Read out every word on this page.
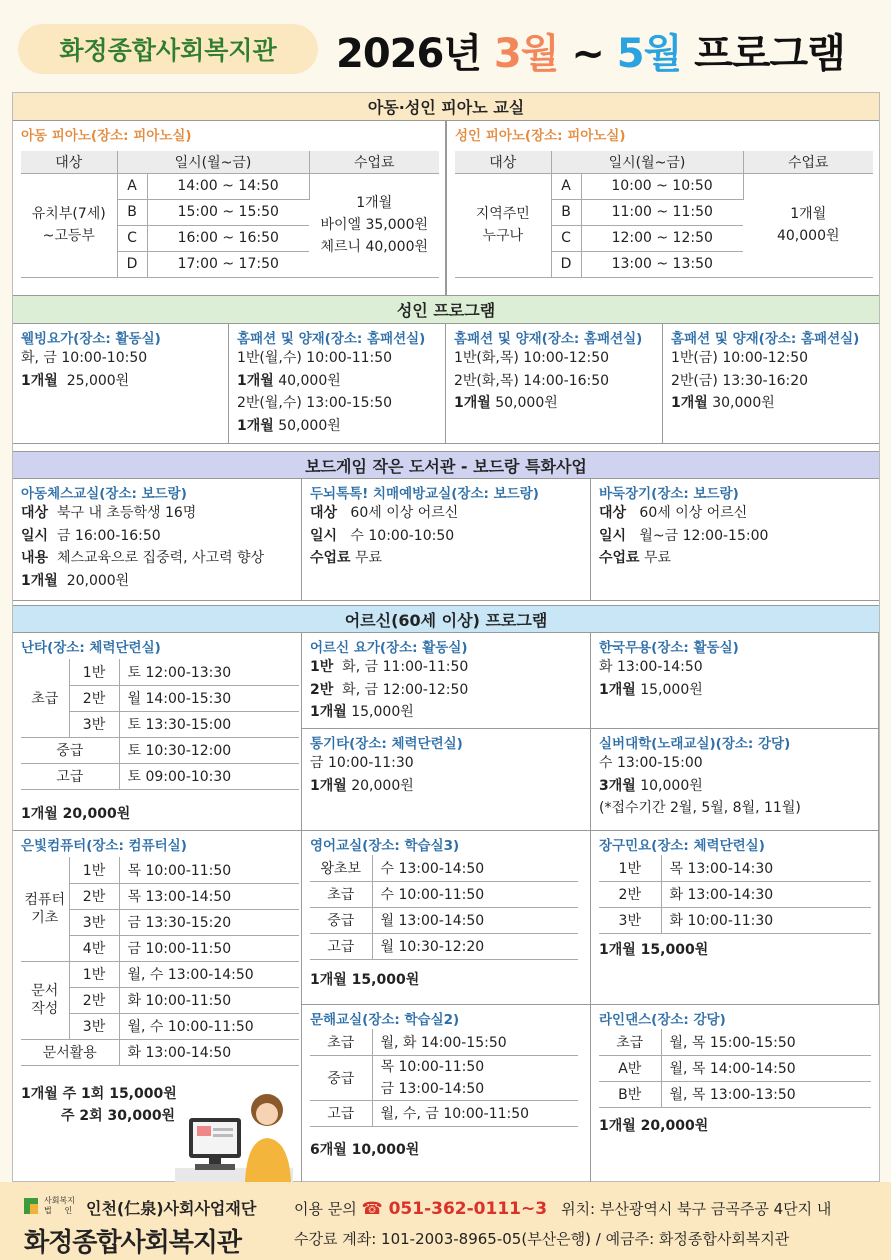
화정종합사회복지관	2026년 3월 ~ 5월 프로그램
아동·성인 피아노 교실
아동 피아노(장소: 피아노실)
대상	일시(월~금)		수업료
유치부(7세)
~고등부	A	14:00 ~ 14:50	1개월
바이엘 35,000원
체르니 40,000원
	B	15:00 ~ 15:50	
	C	16:00 ~ 16:50	
	D	17:00 ~ 17:50	
성인 피아노(장소: 피아노실)
대상	일시(월~금)		수업료
지역주민
누구나	A	10:00 ~ 10:50	1개월
40,000원
	B	11:00 ~ 11:50	
	C	12:00 ~ 12:50	
	D	13:00 ~ 13:50	
성인 프로그램
웰빙요가(장소: 활동실)
화, 금 10:00-10:50
1개월  25,000원
홈패션 및 양재(장소: 홈패션실)
1반(월,수) 10:00-11:50
1개월 40,000원
2반(월,수) 13:00-15:50
1개월 50,000원
홈패션 및 양재(장소: 홈패션실)
1반(화,목) 10:00-12:50
2반(화,목) 14:00-16:50
1개월 50,000원
홈패션 및 양재(장소: 홈패션실)
1반(금) 10:00-12:50
2반(금) 13:30-16:20
1개월 30,000원
보드게임 작은 도서관 - 보드랑 특화사업
아동체스교실(장소: 보드랑)
대상  북구 내 초등학생 16명
일시  금 16:00-16:50
내용  체스교육으로 집중력, 사고력 향상
1개월  20,000원
두뇌톡톡! 치매예방교실(장소: 보드랑)
대상   60세 이상 어르신
일시   수 10:00-10:50
수업료 무료
바둑장기(장소: 보드랑)
대상   60세 이상 어르신
일시   월~금 12:00-15:00
수업료 무료
어르신(60세 이상) 프로그램
난타(장소: 체력단련실)
초급	1반	토 12:00-13:30
	2반	월 14:00-15:30
	3반	토 13:30-15:00
중급		토 10:30-12:00
고급		토 09:00-10:30
1개월 20,000원
은빛컴퓨터(장소: 컴퓨터실)
컴퓨터
기초	1반	목 10:00-11:50
	2반	목 13:00-14:50
	3반	금 13:30-15:20
	4반	금 10:00-11:50
문서
작성	1반	월, 수 13:00-14:50
	2반	화 10:00-11:50
	3반	월, 수 10:00-11:50
문서활용		화 13:00-14:50
1개월 주 1회 15,000원
주 2회 30,000원
어르신 요가(장소: 활동실)
1반  화, 금 11:00-11:50
2반  화, 금 12:00-12:50
1개월 15,000원
통기타(장소: 체력단련실)
금 10:00-11:30
1개월 20,000원
영어교실(장소: 학습실3)
왕초보	수 13:00-14:50
초급	수 10:00-11:50
중급	월 13:00-14:50
고급	월 10:30-12:20
1개월 15,000원
문해교실(장소: 학습실2)
초급	월, 화 14:00-15:50
중급	목 10:00-11:50
금 13:00-14:50
고급	월, 수, 금 10:00-11:50
6개월 10,000원
한국무용(장소: 활동실)
화 13:00-14:50
1개월 15,000원
실버대학(노래교실)(장소: 강당)
수 13:00-15:00
3개월 10,000원
(*접수기간 2월, 5월, 8월, 11월)
장구민요(장소: 체력단련실)
1반	목 13:00-14:30
2반	화 13:00-14:30
3반	화 10:00-11:30
1개월 15,000원
라인댄스(장소: 강당)
초급	월, 목 15:00-15:50
A반	월, 목 14:00-14:50
B반	월, 목 13:00-13:50
1개월 20,000원
사회복지
법     인 인천(仁泉)사회사업재단
화정종합사회복지관
이용 문의 ☎ 051-362-0111~3 위치: 부산광역시 북구 금곡주공 4단지 내
수강료 계좌: 101-2003-8965-05(부산은행) / 예금주: 화정종합사회복지관
